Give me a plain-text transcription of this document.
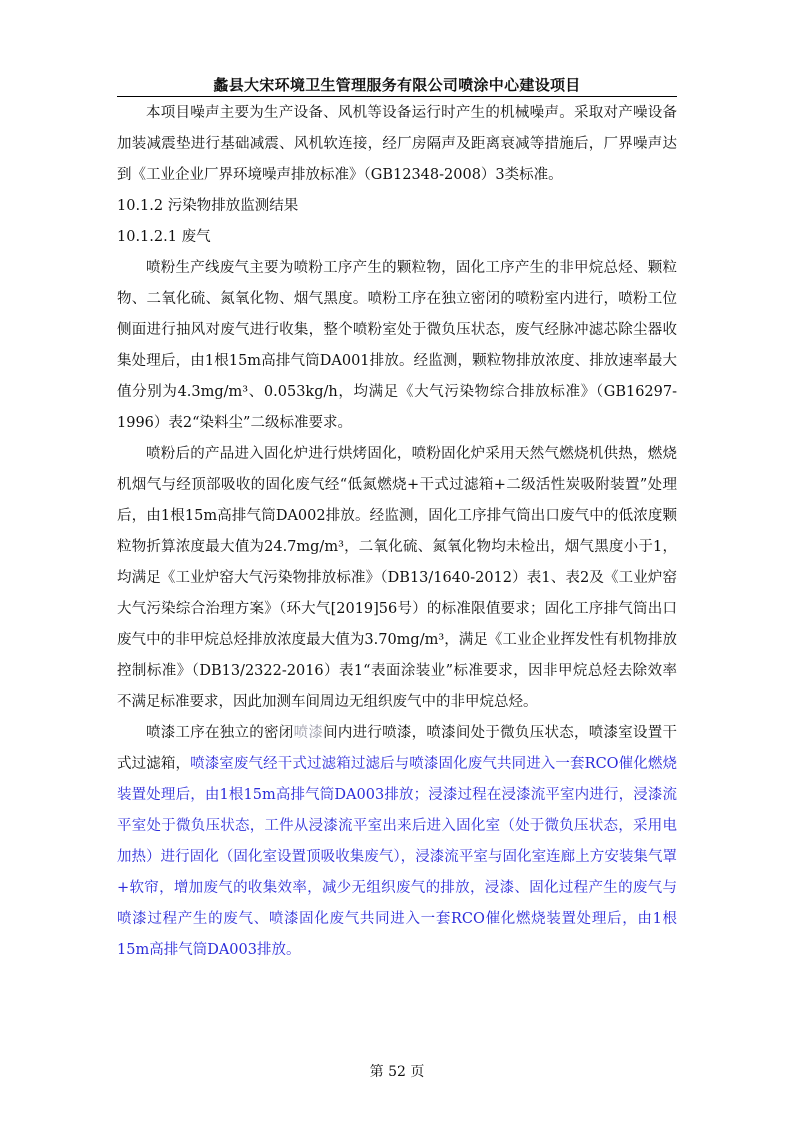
蠡县大宋环境卫生管理服务有限公司喷涂中心建设项目

本项目噪声主要为生产设备、风机等设备运行时产生的机械噪声。采取对产噪设备加装减震垫进行基础减震、风机软连接，经厂房隔声及距离衰减等措施后，厂界噪声达到《工业企业厂界环境噪声排放标准》（GB12348-2008）3类标准。

10.1.2 污染物排放监测结果

10.1.2.1 废气

喷粉生产线废气主要为喷粉工序产生的颗粒物，固化工序产生的非甲烷总烃、颗粒物、二氧化硫、氮氧化物、烟气黑度。喷粉工序在独立密闭的喷粉室内进行，喷粉工位侧面进行抽风对废气进行收集，整个喷粉室处于微负压状态，废气经脉冲滤芯除尘器收集处理后，由1根15m高排气筒DA001排放。经监测，颗粒物排放浓度、排放速率最大值分别为4.3mg/m³、0.053kg/h，均满足《大气污染物综合排放标准》（GB16297-1996）表2“染料尘”二级标准要求。

喷粉后的产品进入固化炉进行烘烤固化，喷粉固化炉采用天然气燃烧机供热，燃烧机烟气与经顶部吸收的固化废气经“低氮燃烧+干式过滤箱+二级活性炭吸附装置”处理后，由1根15m高排气筒DA002排放。经监测，固化工序排气筒出口废气中的低浓度颗粒物折算浓度最大值为24.7mg/m³，二氧化硫、氮氧化物均未检出，烟气黑度小于1，均满足《工业炉窑大气污染物排放标准》（DB13/1640-2012）表1、表2及《工业炉窑大气污染综合治理方案》（环大气[2019]56号）的标准限值要求；固化工序排气筒出口废气中的非甲烷总烃排放浓度最大值为3.70mg/m³，满足《工业企业挥发性有机物排放控制标准》（DB13/2322-2016）表1“表面涂装业”标准要求，因非甲烷总烃去除效率不满足标准要求，因此加测车间周边无组织废气中的非甲烷总烃。

喷漆工序在独立的密闭喷漆间内进行喷漆，喷漆间处于微负压状态，喷漆室设置干式过滤箱，喷漆室废气经干式过滤箱过滤后与喷漆固化废气共同进入一套RCO催化燃烧装置处理后，由1根15m高排气筒DA003排放；浸漆过程在浸漆流平室内进行，浸漆流平室处于微负压状态，工件从浸漆流平室出来后进入固化室（处于微负压状态，采用电加热）进行固化（固化室设置顶吸收集废气），浸漆流平室与固化室连廊上方安装集气罩+软帘，增加废气的收集效率，减少无组织废气的排放，浸漆、固化过程产生的废气与喷漆过程产生的废气、喷漆固化废气共同进入一套RCO催化燃烧装置处理后，由1根15m高排气筒DA003排放。

第 52 页
